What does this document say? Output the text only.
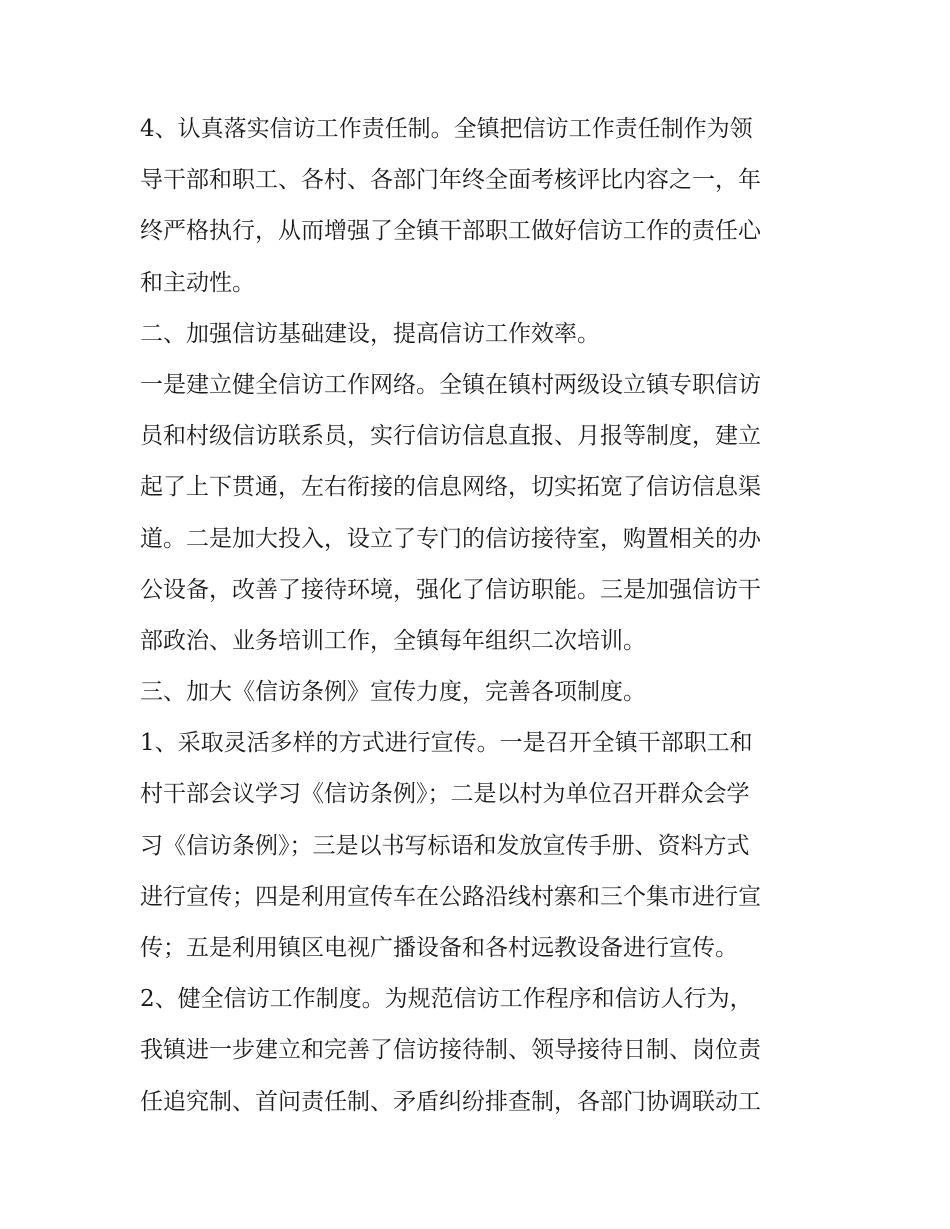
4、认真落实信访工作责任制。全镇把信访工作责任制作为领
导干部和职工、各村、各部门年终全面考核评比内容之一，年
终严格执行，从而增强了全镇干部职工做好信访工作的责任心
和主动性。
二、加强信访基础建设，提高信访工作效率。
一是建立健全信访工作网络。全镇在镇村两级设立镇专职信访
员和村级信访联系员，实行信访信息直报、月报等制度，建立
起了上下贯通，左右衔接的信息网络，切实拓宽了信访信息渠
道。二是加大投入，设立了专门的信访接待室，购置相关的办
公设备，改善了接待环境，强化了信访职能。三是加强信访干
部政治、业务培训工作，全镇每年组织二次培训。
三、加大《信访条例》宣传力度，完善各项制度。
1、采取灵活多样的方式进行宣传。一是召开全镇干部职工和
村干部会议学习《信访条例》；二是以村为单位召开群众会学
习《信访条例》；三是以书写标语和发放宣传手册、资料方式
进行宣传；四是利用宣传车在公路沿线村寨和三个集市进行宣
传；五是利用镇区电视广播设备和各村远教设备进行宣传。
2、健全信访工作制度。为规范信访工作程序和信访人行为，
我镇进一步建立和完善了信访接待制、领导接待日制、岗位责
任追究制、首问责任制、矛盾纠纷排查制，各部门协调联动工
